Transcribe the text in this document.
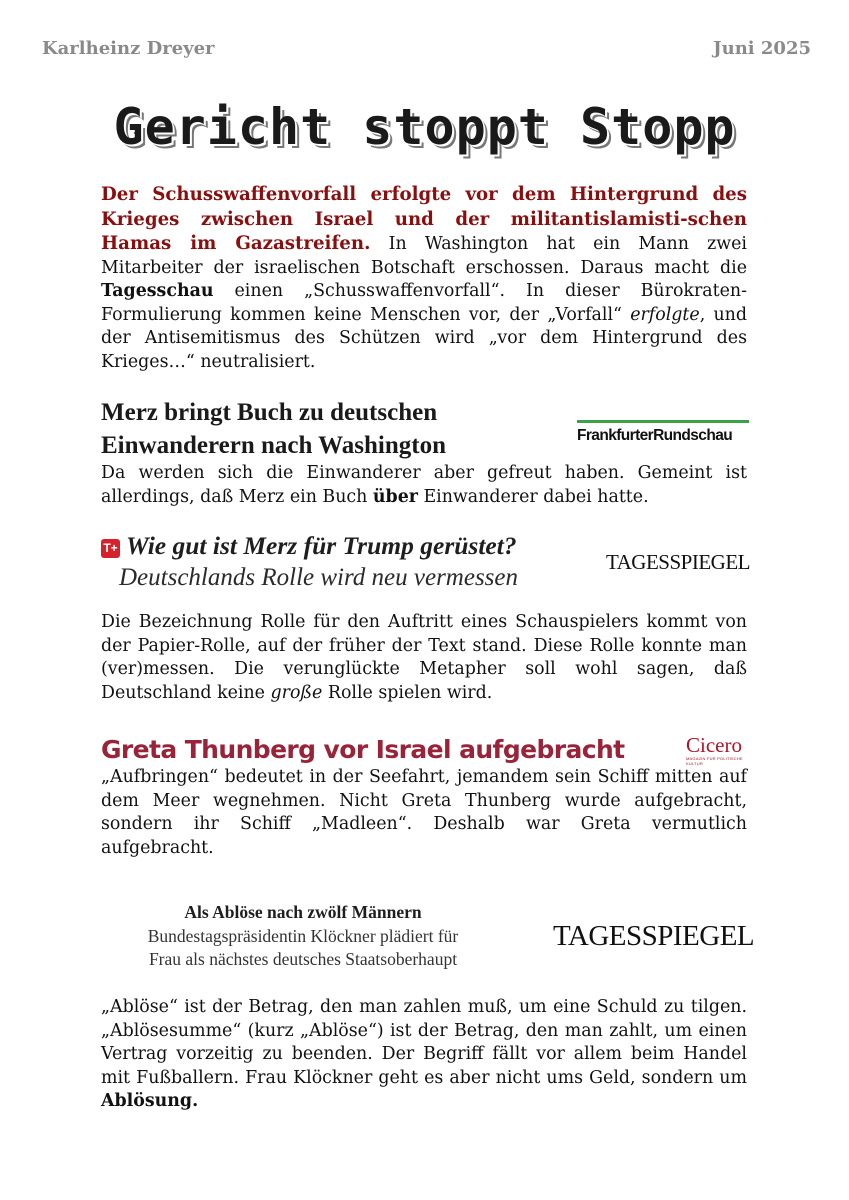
Karlheinz Dreyer	Juni 2025
Gericht stoppt Stopp

Der Schusswaffenvorfall erfolgte vor dem Hintergrund des Krieges zwischen Israel und der militantislamisti-schen Hamas im Gazastreifen. In Washington hat ein Mann zwei Mitarbeiter der israelischen Botschaft erschossen. Daraus macht die Tagesschau einen „Schusswaffenvorfall“. In dieser Bürokraten-Formulierung kommen keine Menschen vor, der „Vorfall“ erfolgte, und der Antisemitismus des Schützen wird „vor dem Hintergrund des Krieges…“ neutralisiert.

Merz bringt Buch zu deutschen
Einwanderern nach Washington

Da werden sich die Einwanderer aber gefreut haben. Gemeint ist allerdings, daß Merz ein Buch über Einwanderer dabei hatte.

FrankfurterRundschau
T+ Wie gut ist Merz für Trump gerüstet?
Deutschlands Rolle wird neu vermessen

Die Bezeichnung Rolle für den Auftritt eines Schauspielers kommt von der Papier-Rolle, auf der früher der Text stand. Diese Rolle konnte man (ver)messen. Die verunglückte Metapher soll wohl sagen, daß Deutschland keine große Rolle spielen wird.

TAGESSPIEGEL
Greta Thunberg vor Israel aufgebracht

„Aufbringen“ bedeutet in der Seefahrt, jemandem sein Schiff mitten auf dem Meer wegnehmen. Nicht Greta Thunberg wurde aufgebracht, sondern ihr Schiff „Madleen“. Deshalb war Greta vermutlich aufgebracht.

Cicero
MAGAZIN FÜR POLITISCHE KULTUR
Als Ablöse nach zwölf Männern
Bundestagspräsidentin Klöckner plädiert für
Frau als nächstes deutsches Staatsoberhaupt
TAGESSPIEGEL

„Ablöse“ ist der Betrag, den man zahlen muß, um eine Schuld zu tilgen. „Ablösesumme“ (kurz „Ablöse“) ist der Betrag, den man zahlt, um einen Vertrag vorzeitig zu beenden. Der Begriff fällt vor allem beim Handel mit Fußballern. Frau Klöckner geht es aber nicht ums Geld, sondern um Ablösung.
